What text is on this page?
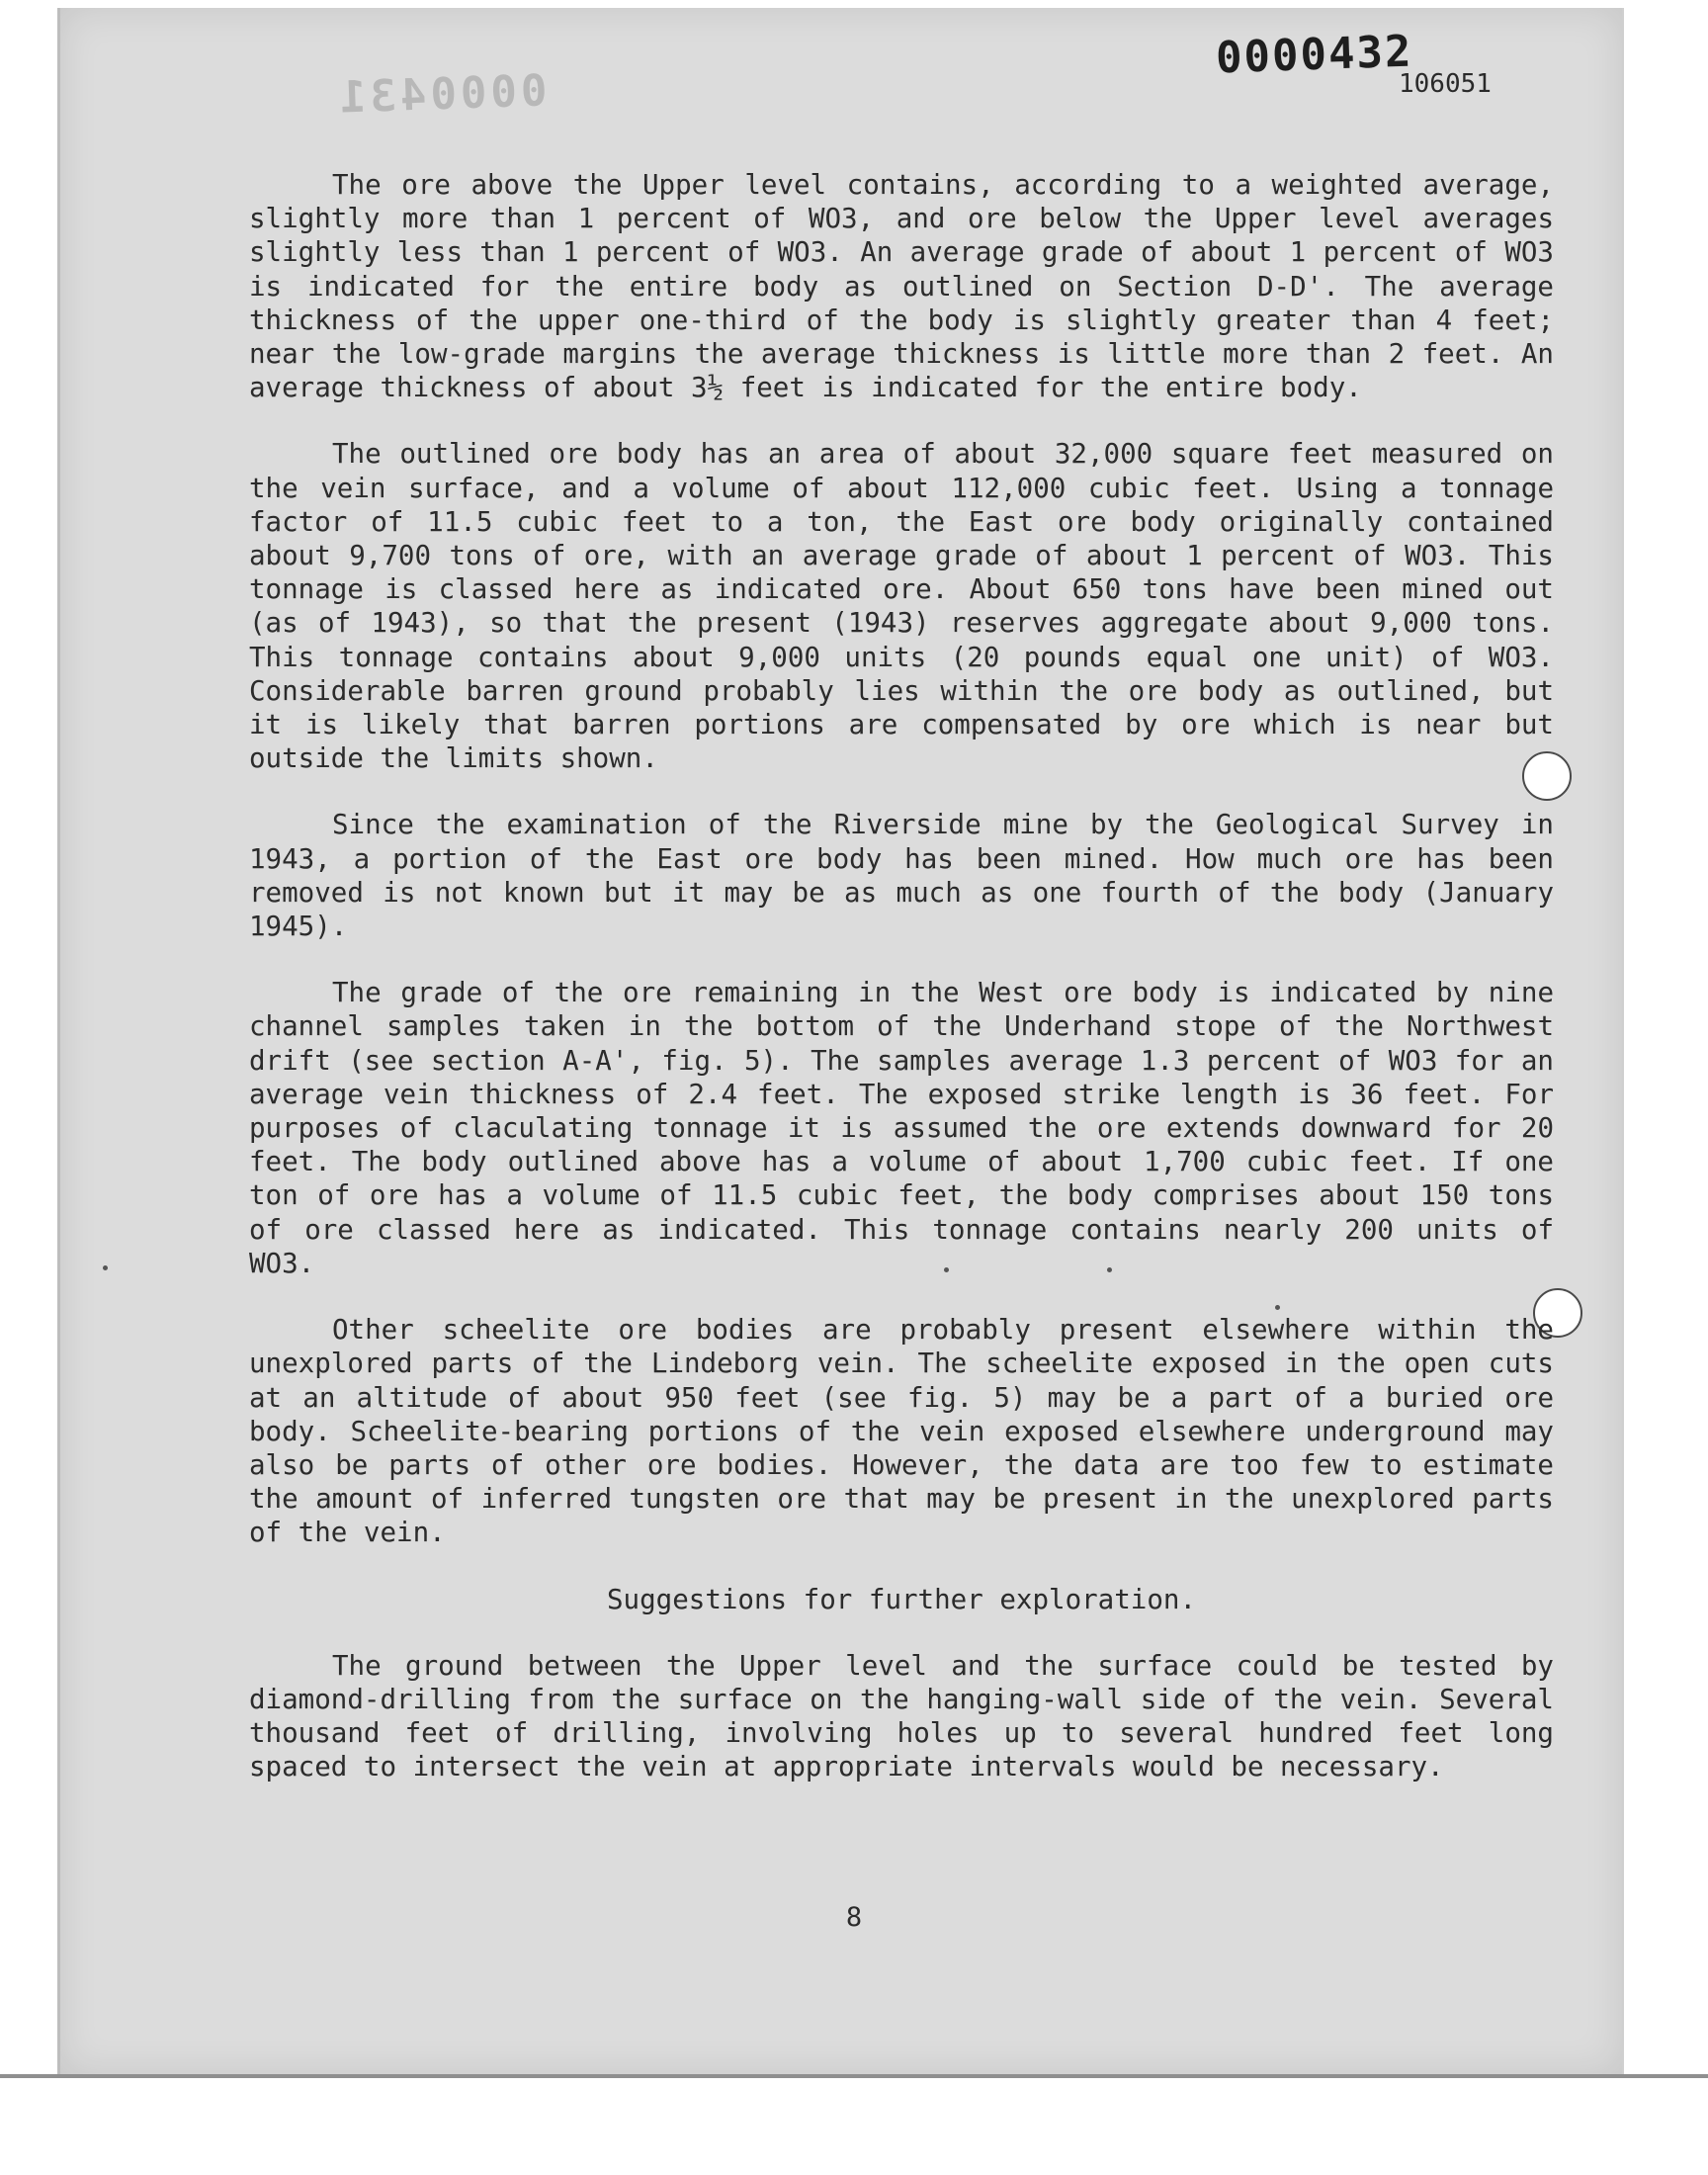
0000431
0000432
106051

The ore above the Upper level contains, according to a weighted average, slightly more than 1 percent of WO3, and ore below the Upper level averages slightly less than 1 percent of WO3. An average grade of about 1 percent of WO3 is indicated for the entire body as outlined on Section D-D'. The average thickness of the upper one-third of the body is slightly greater than 4 feet; near the low-grade margins the average thickness is little more than 2 feet. An average thickness of about 3½ feet is indicated for the entire body.

The outlined ore body has an area of about 32,000 square feet measured on the vein surface, and a volume of about 112,000 cubic feet. Using a tonnage factor of 11.5 cubic feet to a ton, the East ore body originally contained about 9,700 tons of ore, with an average grade of about 1 percent of WO3. This tonnage is classed here as indicated ore. About 650 tons have been mined out (as of 1943), so that the present (1943) reserves aggregate about 9,000 tons. This tonnage contains about 9,000 units (20 pounds equal one unit) of WO3. Considerable barren ground probably lies within the ore body as outlined, but it is likely that barren portions are compensated by ore which is near but outside the limits shown.

Since the examination of the Riverside mine by the Geological Survey in 1943, a portion of the East ore body has been mined. How much ore has been removed is not known but it may be as much as one fourth of the body (January 1945).

The grade of the ore remaining in the West ore body is indicated by nine channel samples taken in the bottom of the Underhand stope of the Northwest drift (see section A-A', fig. 5). The samples average 1.3 percent of WO3 for an average vein thickness of 2.4 feet. The exposed strike length is 36 feet. For purposes of claculating tonnage it is assumed the ore extends downward for 20 feet. The body outlined above has a volume of about 1,700 cubic feet. If one ton of ore has a volume of 11.5 cubic feet, the body comprises about 150 tons of ore classed here as indicated. This tonnage contains nearly 200 units of WO3.

Other scheelite ore bodies are probably present elsewhere within the unexplored parts of the Lindeborg vein. The scheelite exposed in the open cuts at an altitude of about 950 feet (see fig. 5) may be a part of a buried ore body. Scheelite-bearing portions of the vein exposed elsewhere underground may also be parts of other ore bodies. However, the data are too few to estimate the amount of inferred tungsten ore that may be present in the unexplored parts of the vein.

Suggestions for further exploration.

The ground between the Upper level and the surface could be tested by diamond-drilling from the surface on the hanging-wall side of the vein. Several thousand feet of drilling, involving holes up to several hundred feet long spaced to intersect the vein at appropriate intervals would be necessary.

8
